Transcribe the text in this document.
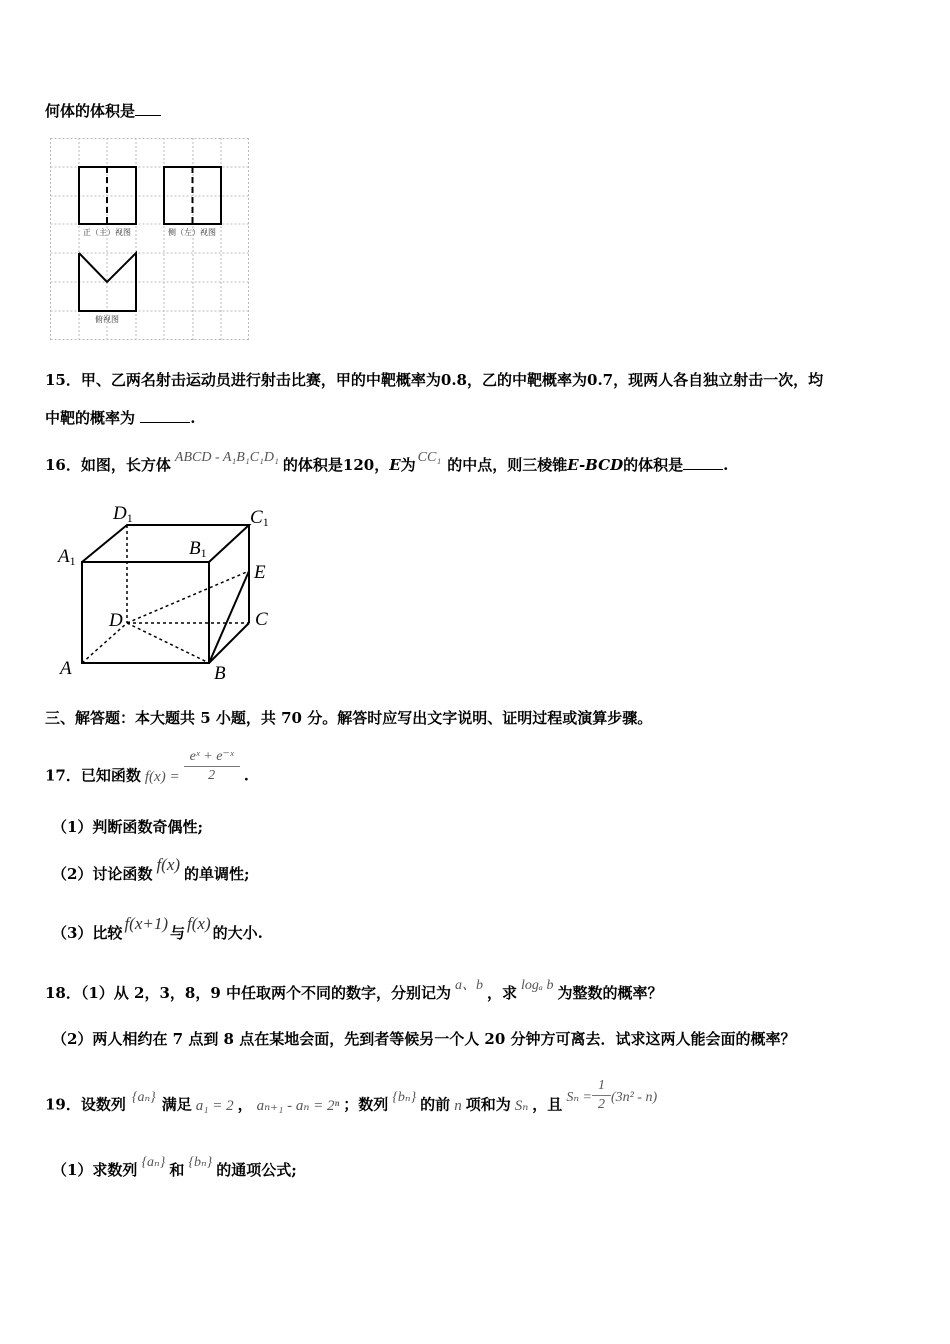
何体的体积是
正（主）视图	侧（左）视图
俯视图
15．甲、乙两名射击运动员进行射击比赛，甲的中靶概率为0.8，乙的中靶概率为0.7，现两人各自独立射击一次，均
中靶的概率为	.
16．如图，长方体 ABCD - A₁B₁C₁D₁ 的体积是120，E为 CC₁ 的中点，则三棱锥E-BCD的体积是	.
D1	C1
A1
B1
E
D	C
A	B
三、解答题：本大题共 5 小题，共 70 分。解答时应写出文字说明、证明过程或演算步骤。
17．已知函数 $f(x) = \frac{\text{eˣ + e⁻ˣ}}{2}$ .
（1）判断函数奇偶性;
（2）讨论函数 f(x) 的单调性;
（3）比较 f(x+1) 与 f(x) 的大小.
18．（1）从 2，3，8，9 中任取两个不同的数字，分别记为 a、b ，求 logₐ b 为整数的概率？
（2）两人相约在 7 点到 8 点在某地会面，先到者等候另一个人 20 分钟方可离去．试求这两人能会面的概率？
19．设数列 {aₙ} 满足 a₁ = 2 ， aₙ₊₁ - aₙ = 2ⁿ ；数列 {bₙ} 的前 n 项和为 Sₙ ，且 $S_n = \frac{1}{2} (3n^2 - n)$
（1）求数列 {aₙ} 和 {bₙ} 的通项公式;
